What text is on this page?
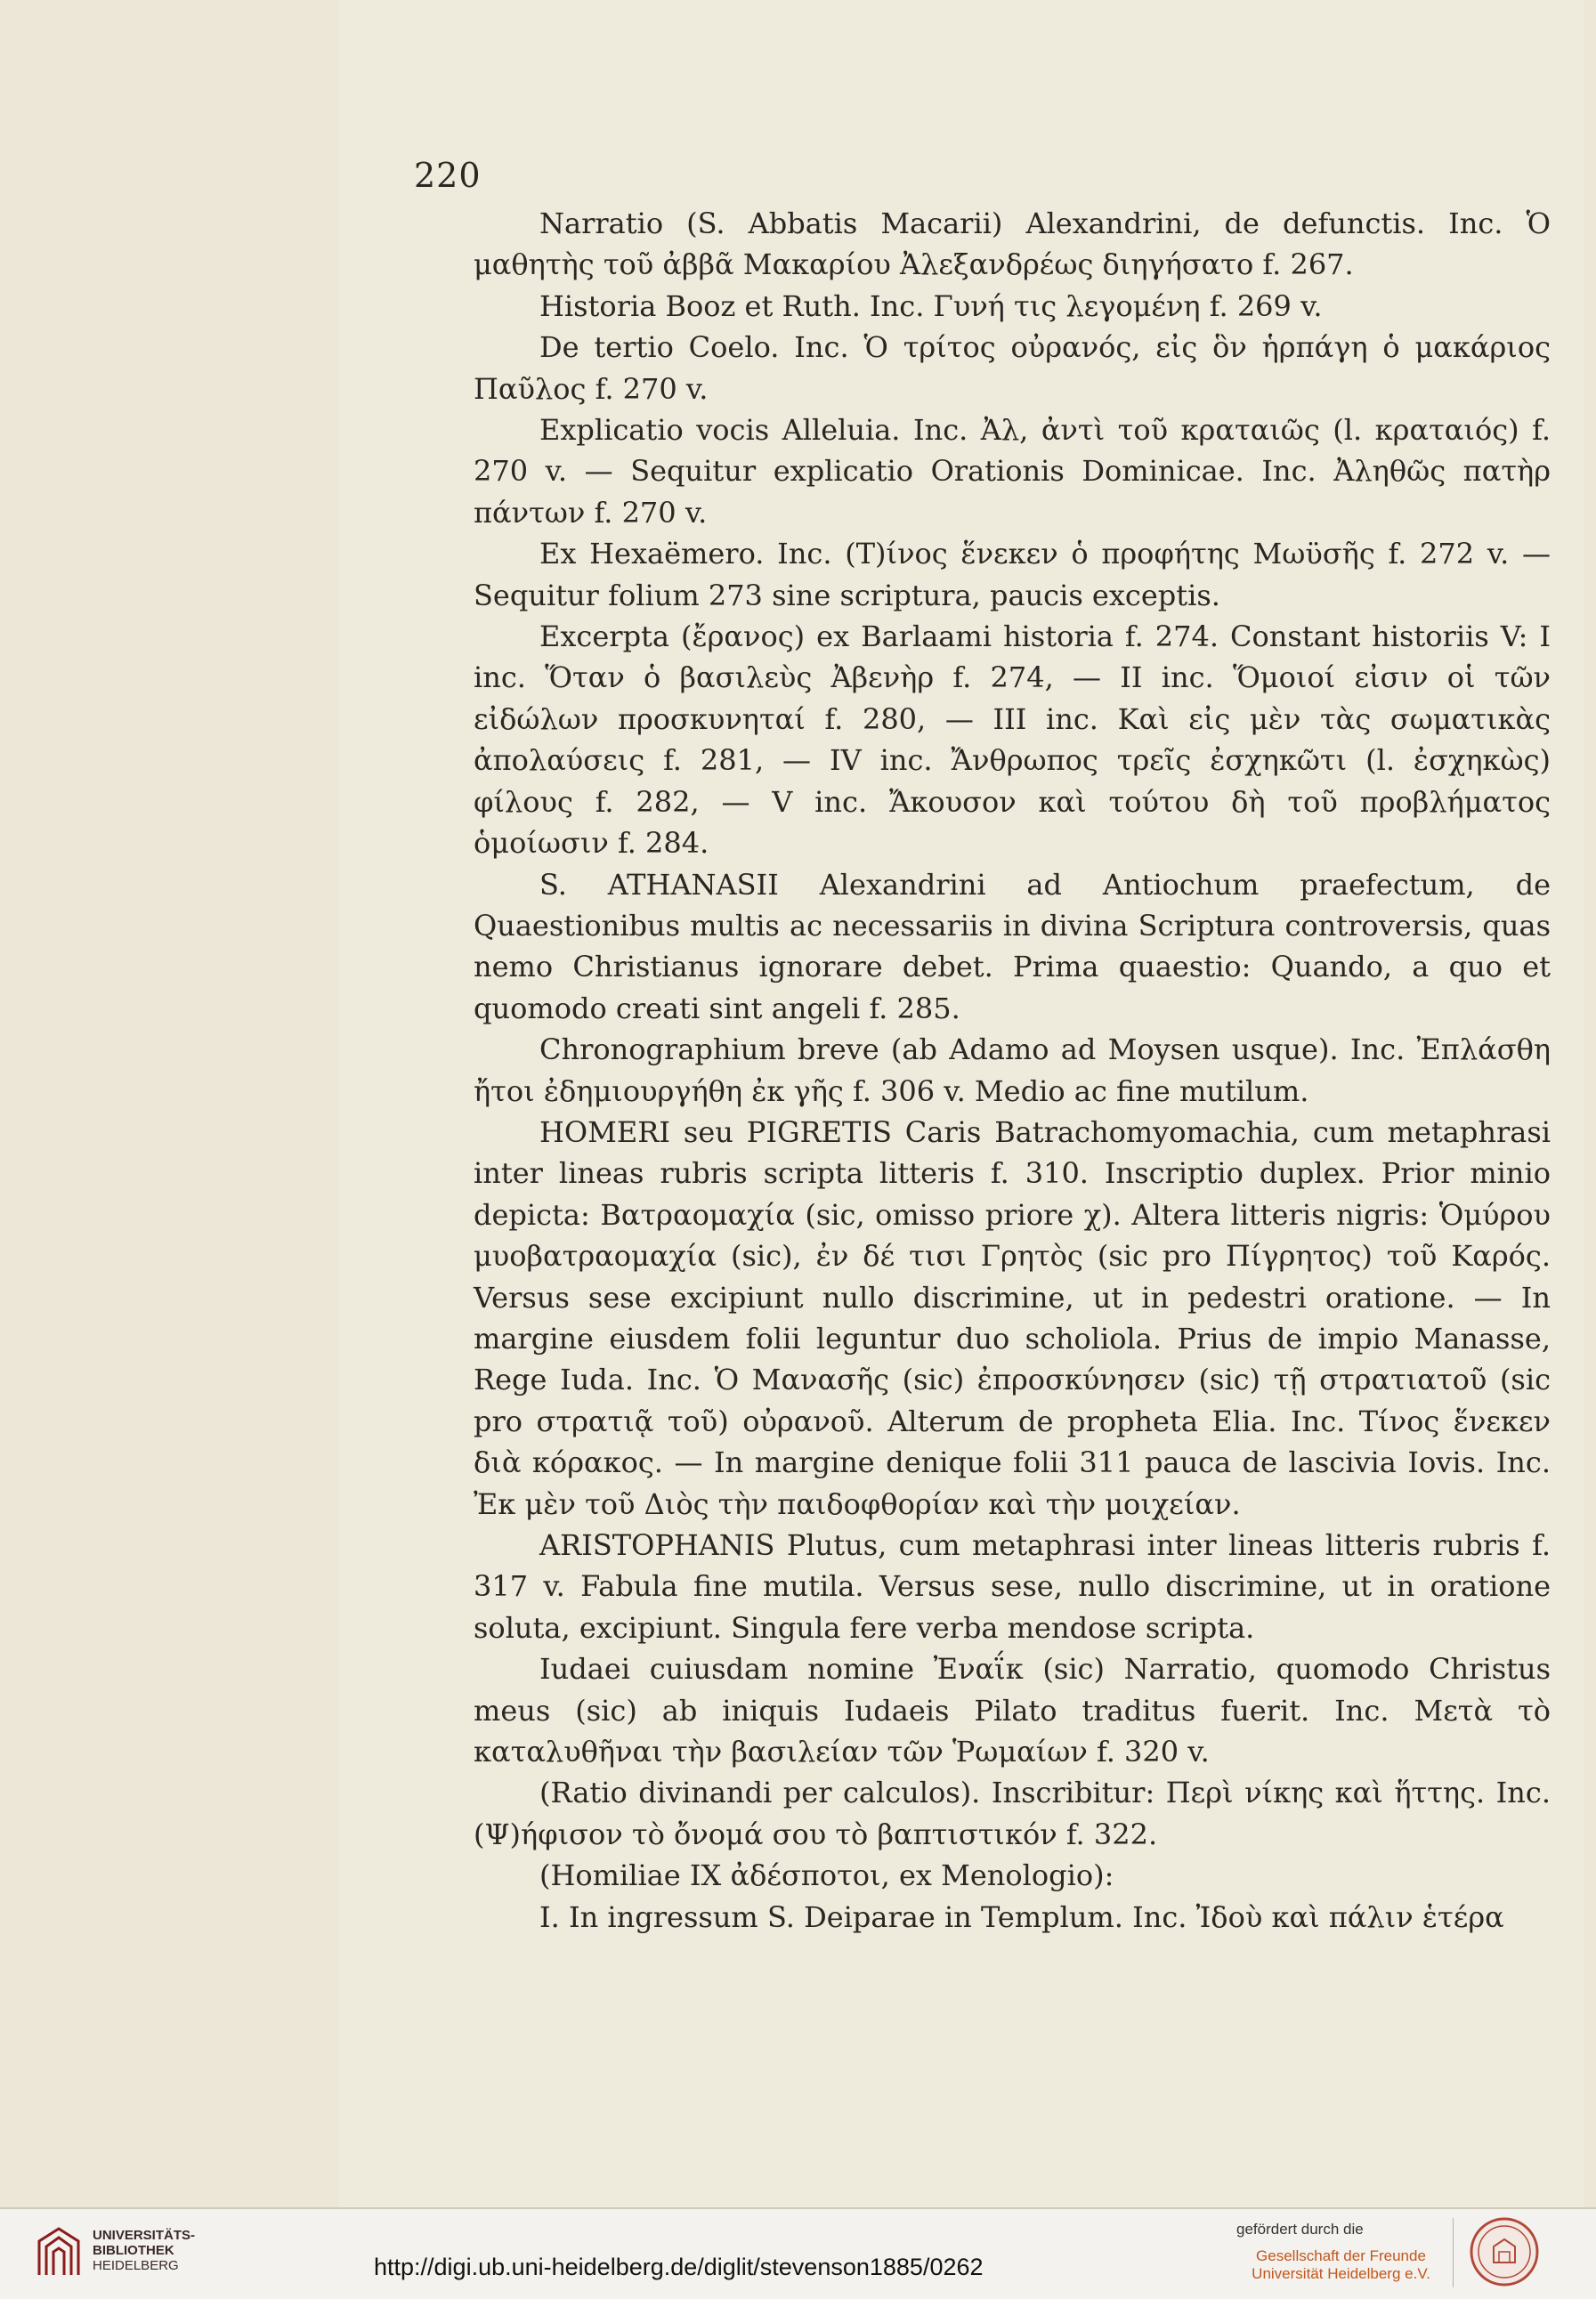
220

Narratio (S. Abbatis Macarii) Alexandrini, de defunctis. Inc. Ὁ μαθητὴς τοῦ ἀββᾶ Μακαρίου Ἀλεξανδρέως διηγήσατο f. 267.

Historia Booz et Ruth. Inc. Γυνή τις λεγομένη f. 269 v.

De tertio Coelo. Inc. Ὁ τρίτος οὐρανός, εἰς ὃν ἡρπάγη ὁ μακάριος Παῦλος f. 270 v.

Explicatio vocis Alleluia. Inc. Ἀλ, ἀντὶ τοῦ κραταιῶς (l. κραταιός) f. 270 v. — Sequitur explicatio Orationis Dominicae. Inc. Ἀληθῶς πατὴρ πάντων f. 270 v.

Ex Hexaëmero. Inc. (Τ)ίνος ἕνεκεν ὁ προφήτης Μωϋσῆς f. 272 v. — Sequitur folium 273 sine scriptura, paucis exceptis.

Excerpta (ἔρανος) ex Barlaami historia f. 274. Constant historiis V: I inc. Ὅταν ὁ βασιλεὺς Ἀβενὴρ f. 274, — II inc. Ὅμοιοί εἰσιν οἱ τῶν εἰδώλων προσκυνηταί f. 280, — III inc. Καὶ εἰς μὲν τὰς σωματικὰς ἀπολαύσεις f. 281, — IV inc. Ἄνθρωπος τρεῖς ἐσχηκῶτι (l. ἐσχηκὼς) φίλους f. 282, — V inc. Ἄκουσον καὶ τούτου δὴ τοῦ προβλήματος ὁμοίωσιν f. 284.

S. ATHANASII Alexandrini ad Antiochum praefectum, de Quaestionibus multis ac necessariis in divina Scriptura controversis, quas nemo Christianus ignorare debet. Prima quaestio: Quando, a quo et quomodo creati sint angeli f. 285.

Chronographium breve (ab Adamo ad Moysen usque). Inc. Ἐπλάσθη ἤτοι ἐδημιουργήθη ἐκ γῆς f. 306 v. Medio ac fine mutilum.

HOMERI seu PIGRETIS Caris Batrachomyomachia, cum metaphrasi inter lineas rubris scripta litteris f. 310. Inscriptio duplex. Prior minio depicta: Βατραομαχία (sic, omisso priore χ). Altera litteris nigris: Ὁμύρου μυοβατραομαχία (sic), ἐν δέ τισι Γρητὸς (sic pro Πίγρητος) τοῦ Καρός. Versus sese excipiunt nullo discrimine, ut in pedestri oratione. — In margine eiusdem folii leguntur duo scholiola. Prius de impio Manasse, Rege Iuda. Inc. Ὁ Μανασῆς (sic) ἐπροσκύνησεν (sic) τῇ στρατιατοῦ (sic pro στρατιᾷ τοῦ) οὐρανοῦ. Alterum de propheta Elia. Inc. Τίνος ἕνεκεν διὰ κόρακος. — In margine denique folii 311 pauca de lascivia Iovis. Inc. Ἐκ μὲν τοῦ Διὸς τὴν παιδοφθορίαν καὶ τὴν μοιχείαν.

ARISTOPHANIS Plutus, cum metaphrasi inter lineas litteris rubris f. 317 v. Fabula fine mutila. Versus sese, nullo discrimine, ut in oratione soluta, excipiunt. Singula fere verba mendose scripta.

Iudaei cuiusdam nomine Ἐναΐκ (sic) Narratio, quomodo Christus meus (sic) ab iniquis Iudaeis Pilato traditus fuerit. Inc. Μετὰ τὸ καταλυθῆναι τὴν βασιλείαν τῶν Ῥωμαίων f. 320 v.

(Ratio divinandi per calculos). Inscribitur: Περὶ νίκης καὶ ἥττης. Inc. (Ψ)ήφισον τὸ ὄνομά σου τὸ βαπτιστικόν f. 322.

(Homiliae IX ἀδέσποτοι, ex Menologio):

I. In ingressum S. Deiparae in Templum. Inc. Ἰδοὺ καὶ πάλιν ἑτέρα

UNIVERSITÄTS-
BIBLIOTHEK
HEIDELBERG	http://digi.ub.uni-heidelberg.de/diglit/stevenson1885/0262
gefördert durch die
Gesellschaft der Freunde
Universität Heidelberg e.V.
